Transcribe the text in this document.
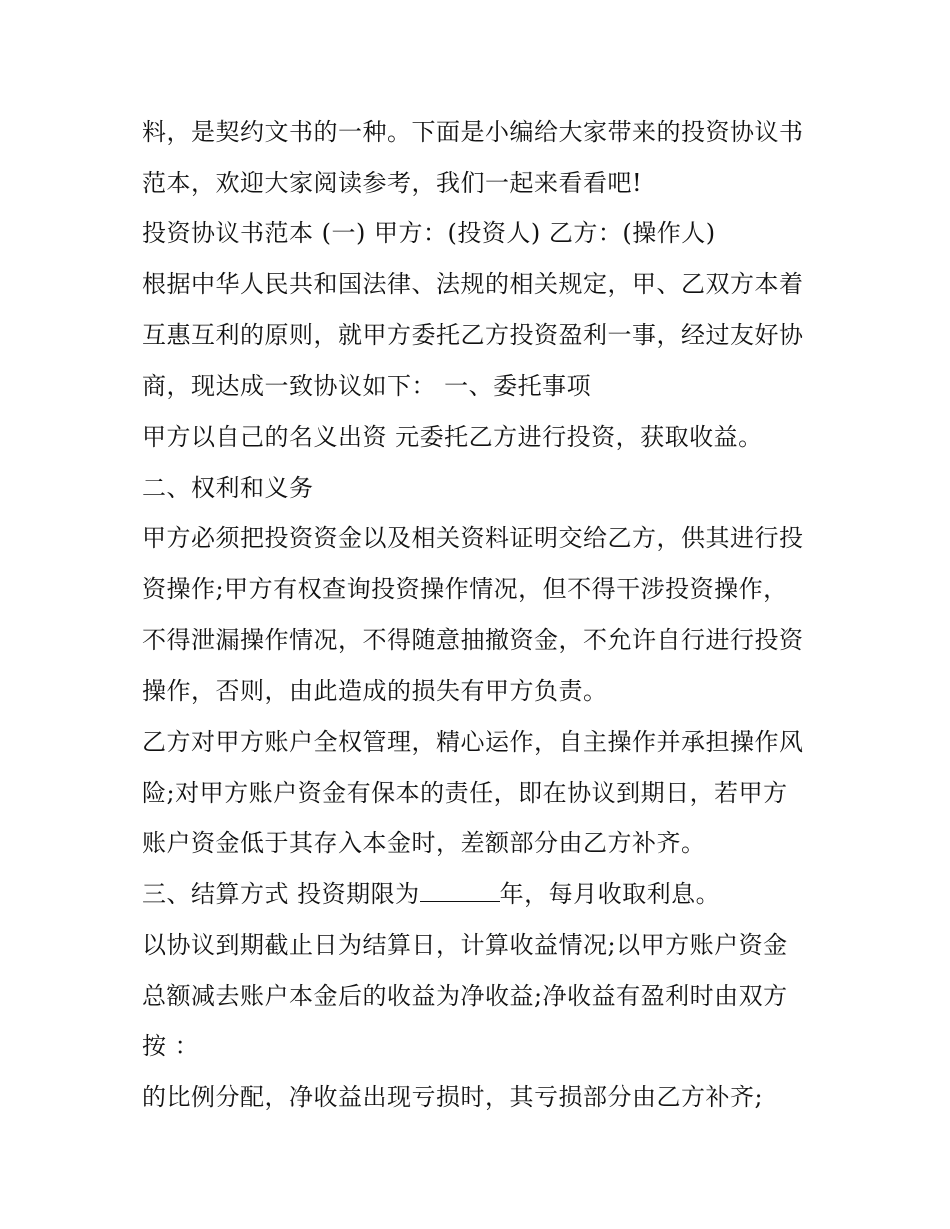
料，是契约文书的一种。下面是小编给大家带来的投资协议书
范本，欢迎大家阅读参考，我们一起来看看吧!
投资协议书范本 (一) 甲方：(投资人) 乙方：(操作人)
根据中华人民共和国法律、法规的相关规定，甲、乙双方本着
互惠互利的原则，就甲方委托乙方投资盈利一事，经过友好协
商，现达成一致协议如下： 一、委托事项
甲方以自己的名义出资 元委托乙方进行投资，获取收益。
二、权利和义务
甲方必须把投资资金以及相关资料证明交给乙方，供其进行投
资操作;甲方有权查询投资操作情况，但不得干涉投资操作，
不得泄漏操作情况，不得随意抽撤资金，不允许自行进行投资
操作，否则，由此造成的损失有甲方负责。
乙方对甲方账户全权管理，精心运作，自主操作并承担操作风
险;对甲方账户资金有保本的责任，即在协议到期日，若甲方
账户资金低于其存入本金时，差额部分由乙方补齐。
三、结算方式 投资期限为	年，每月收取利息。
以协议到期截止日为结算日，计算收益情况;以甲方账户资金
总额减去账户本金后的收益为净收益;净收益有盈利时由双方
按 ：
的比例分配，净收益出现亏损时，其亏损部分由乙方补齐;
